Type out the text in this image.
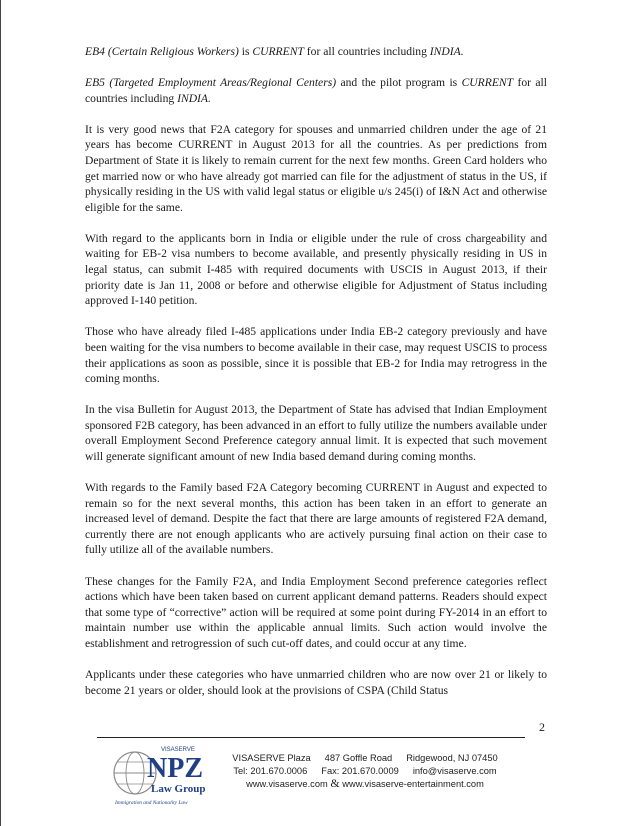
EB4 (Certain Religious Workers) is CURRENT for all countries including INDIA.

EB5 (Targeted Employment Areas/Regional Centers) and the pilot program is CURRENT for all countries including INDIA.

It is very good news that F2A category for spouses and unmarried children under the age of 21 years has become CURRENT in August 2013 for all the countries. As per predictions from Department of State it is likely to remain current for the next few months. Green Card holders who get married now or who have already got married can file for the adjustment of status in the US, if physically residing in the US with valid legal status or eligible u/s 245(i) of I&N Act and otherwise eligible for the same.

With regard to the applicants born in India or eligible under the rule of cross chargeability and waiting for EB-2 visa numbers to become available, and presently physically residing in US in legal status, can submit I-485 with required documents with USCIS in August 2013, if their priority date is Jan 11, 2008 or before and otherwise eligible for Adjustment of Status including approved I-140 petition.

Those who have already filed I-485 applications under India EB-2 category previously and have been waiting for the visa numbers to become available in their case, may request USCIS to process their applications as soon as possible, since it is possible that EB-2 for India may retrogress in the coming months.

In the visa Bulletin for August 2013, the Department of State has advised that Indian Employment sponsored F2B category, has been advanced in an effort to fully utilize the numbers available under overall Employment Second Preference category annual limit. It is expected that such movement will generate significant amount of new India based demand during coming months.

With regards to the Family based F2A Category becoming CURRENT in August and expected to remain so for the next several months, this action has been taken in an effort to generate an increased level of demand. Despite the fact that there are large amounts of registered F2A demand, currently there are not enough applicants who are actively pursuing final action on their case to fully utilize all of the available numbers.

These changes for the Family F2A, and India Employment Second preference categories reflect actions which have been taken based on current applicant demand patterns. Readers should expect that some type of “corrective” action will be required at some point during FY-2014 in an effort to maintain number use within the applicable annual limits. Such action would involve the establishment and retrogression of such cut-off dates, and could occur at any time.

Applicants under these categories who have unmarried children who are now over 21 or likely to become 21 years or older, should look at the provisions of CSPA (Child Status

2
VISASERVE
NPZ
Law Group
Immigration and Nationality Law
VISASERVE Plaza 487 Goffle Road Ridgewood, NJ 07450
Tel: 201.670.0006 Fax: 201.670.0009 info@visaserve.com
www.visaserve.com & www.visaserve-entertainment.com
